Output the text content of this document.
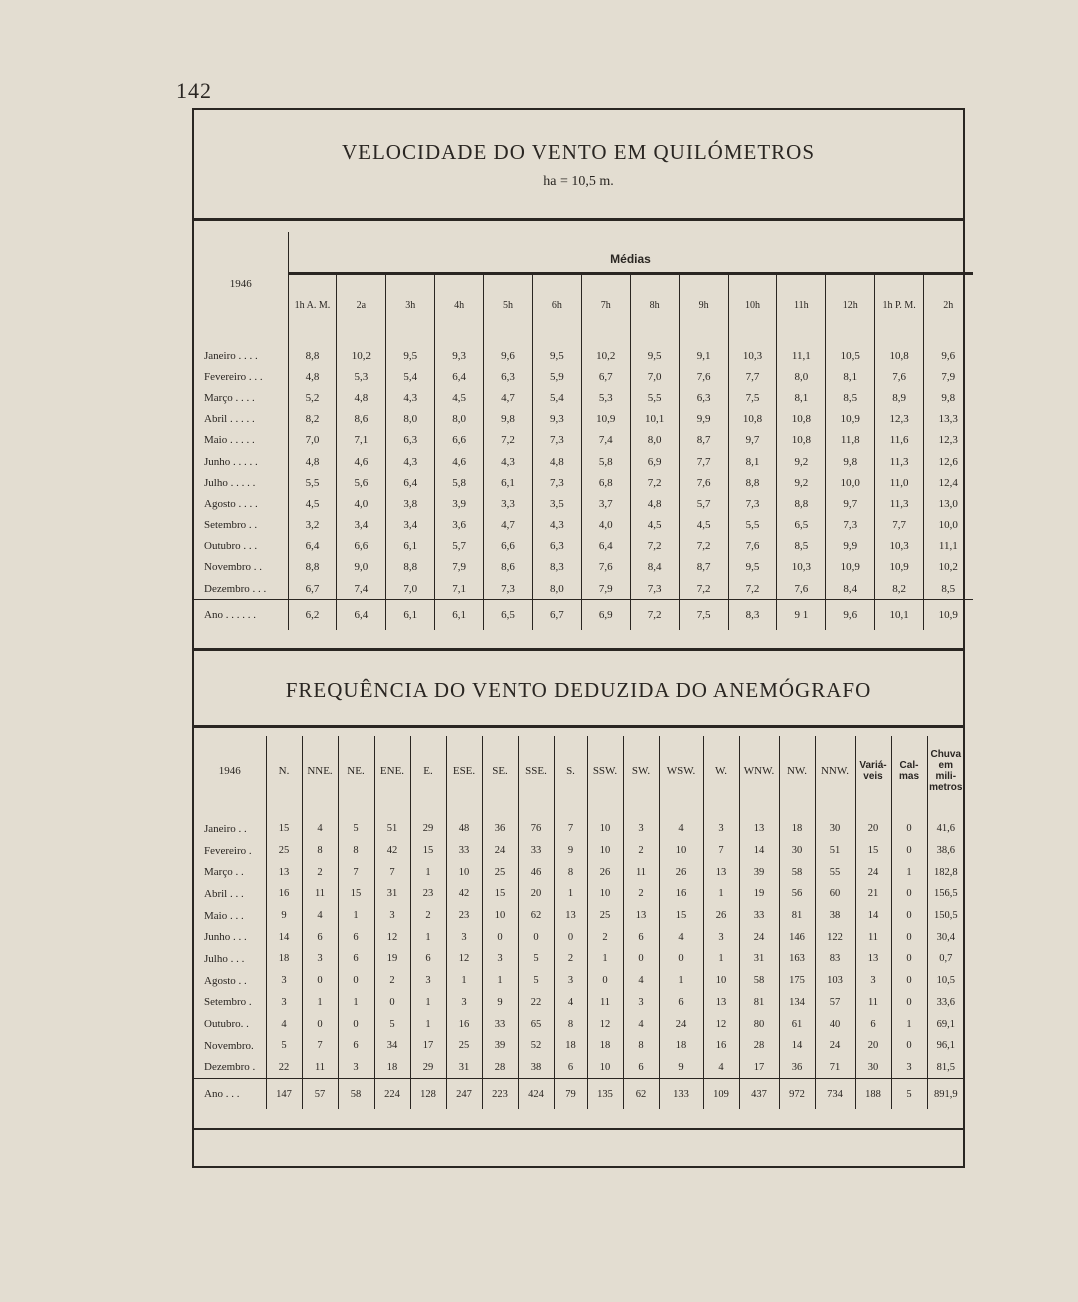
142
VELOCIDADE DO VENTO EM QUILÓMETROS
ha = 10,5 m.
1946	Médias													
	1h A. M.	2a	3h	4h	5h	6h	7h	8h	9h	10h	11h	12h	1h P. M.	2h

Janeiro . . . .	8,8	10,2	9,5	9,3	9,6	9,5	10,2	9,5	9,1	10,3	11,1	10,5	10,8	9,6
Fevereiro . . .	4,8	5,3	5,4	6,4	6,3	5,9	6,7	7,0	7,6	7,7	8,0	8,1	7,6	7,9
Março . . . .	5,2	4,8	4,3	4,5	4,7	5,4	5,3	5,5	6,3	7,5	8,1	8,5	8,9	9,8
Abril . . . . .	8,2	8,6	8,0	8,0	9,8	9,3	10,9	10,1	9,9	10,8	10,8	10,9	12,3	13,3
Maio . . . . .	7,0	7,1	6,3	6,6	7,2	7,3	7,4	8,0	8,7	9,7	10,8	11,8	11,6	12,3
Junho . . . . .	4,8	4,6	4,3	4,6	4,3	4,8	5,8	6,9	7,7	8,1	9,2	9,8	11,3	12,6
Julho . . . . .	5,5	5,6	6,4	5,8	6,1	7,3	6,8	7,2	7,6	8,8	9,2	10,0	11,0	12,4
Agosto . . . .	4,5	4,0	3,8	3,9	3,3	3,5	3,7	4,8	5,7	7,3	8,8	9,7	11,3	13,0
Setembro . .	3,2	3,4	3,4	3,6	4,7	4,3	4,0	4,5	4,5	5,5	6,5	7,3	7,7	10,0
Outubro . . .	6,4	6,6	6,1	5,7	6,6	6,3	6,4	7,2	7,2	7,6	8,5	9,9	10,3	11,1
Novembro . .	8,8	9,0	8,8	7,9	8,6	8,3	7,6	8,4	8,7	9,5	10,3	10,9	10,9	10,2
Dezembro . . .	6,7	7,4	7,0	7,1	7,3	8,0	7,9	7,3	7,2	7,2	7,6	8,4	8,2	8,5
Ano . . . . . .	6,2	6,4	6,1	6,1	6,5	6,7	6,9	7,2	7,5	8,3	9 1	9,6	10,1	10,9
FREQUÊNCIA DO VENTO DEDUZIDA DO ANEMÓGRAFO
1946	N.	NNE.	NE.	ENE.	E.	ESE.	SE.	SSE.	S.	SSW.	SW.	WSW.	W.	WNW.	NW.	NNW.	Variá-veis	Cal-mas	Chuva em mili-metros

Janeiro . .	15	4	5	51	29	48	36	76	7	10	3	4	3	13	18	30	20	0	41,6
Fevereiro .	25	8	8	42	15	33	24	33	9	10	2	10	7	14	30	51	15	0	38,6
Março . .	13	2	7	7	1	10	25	46	8	26	11	26	13	39	58	55	24	1	182,8
Abril . . .	16	11	15	31	23	42	15	20	1	10	2	16	1	19	56	60	21	0	156,5
Maio . . .	9	4	1	3	2	23	10	62	13	25	13	15	26	33	81	38	14	0	150,5
Junho . . .	14	6	6	12	1	3	0	0	0	2	6	4	3	24	146	122	11	0	30,4
Julho . . .	18	3	6	19	6	12	3	5	2	1	0	0	1	31	163	83	13	0	0,7
Agosto . .	3	0	0	2	3	1	1	5	3	0	4	1	10	58	175	103	3	0	10,5
Setembro .	3	1	1	0	1	3	9	22	4	11	3	6	13	81	134	57	11	0	33,6
Outubro. .	4	0	0	5	1	16	33	65	8	12	4	24	12	80	61	40	6	1	69,1
Novembro.	5	7	6	34	17	25	39	52	18	18	8	18	16	28	14	24	20	0	96,1
Dezembro .	22	11	3	18	29	31	28	38	6	10	6	9	4	17	36	71	30	3	81,5
Ano . . .	147	57	58	224	128	247	223	424	79	135	62	133	109	437	972	734	188	5	891,9
